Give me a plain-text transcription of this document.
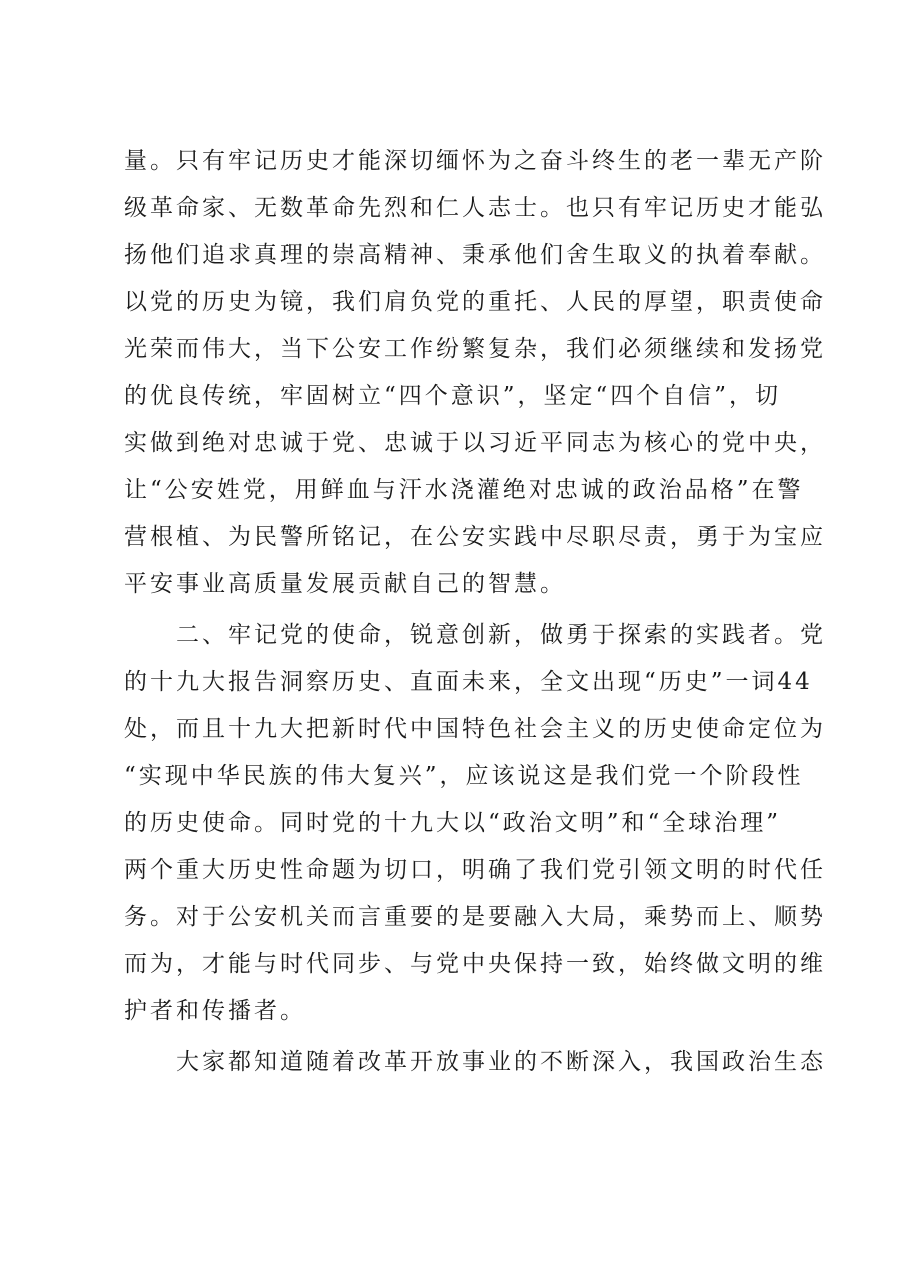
量。只有牢记历史才能深切缅怀为之奋斗终生的老一辈无产阶
级革命家、无数革命先烈和仁人志士。也只有牢记历史才能弘
扬他们追求真理的崇高精神、秉承他们舍生取义的执着奉献。
以党的历史为镜，我们肩负党的重托、人民的厚望，职责使命
光荣而伟大，当下公安工作纷繁复杂，我们必须继续和发扬党
的优良传统，牢固树立“四个意识”，坚定“四个自信”，切
实做到绝对忠诚于党、忠诚于以习近平同志为核心的党中央，
让“公安姓党，用鲜血与汗水浇灌绝对忠诚的政治品格”在警
营根植、为民警所铭记，在公安实践中尽职尽责，勇于为宝应
平安事业高质量发展贡献自己的智慧。
　　二、牢记党的使命，锐意创新，做勇于探索的实践者。党
的十九大报告洞察历史、直面未来，全文出现“历史”一词44
处，而且十九大把新时代中国特色社会主义的历史使命定位为
“实现中华民族的伟大复兴”，应该说这是我们党一个阶段性
的历史使命。同时党的十九大以“政治文明”和“全球治理”
两个重大历史性命题为切口，明确了我们党引领文明的时代任
务。对于公安机关而言重要的是要融入大局，乘势而上、顺势
而为，才能与时代同步、与党中央保持一致，始终做文明的维
护者和传播者。
　　大家都知道随着改革开放事业的不断深入，我国政治生态
